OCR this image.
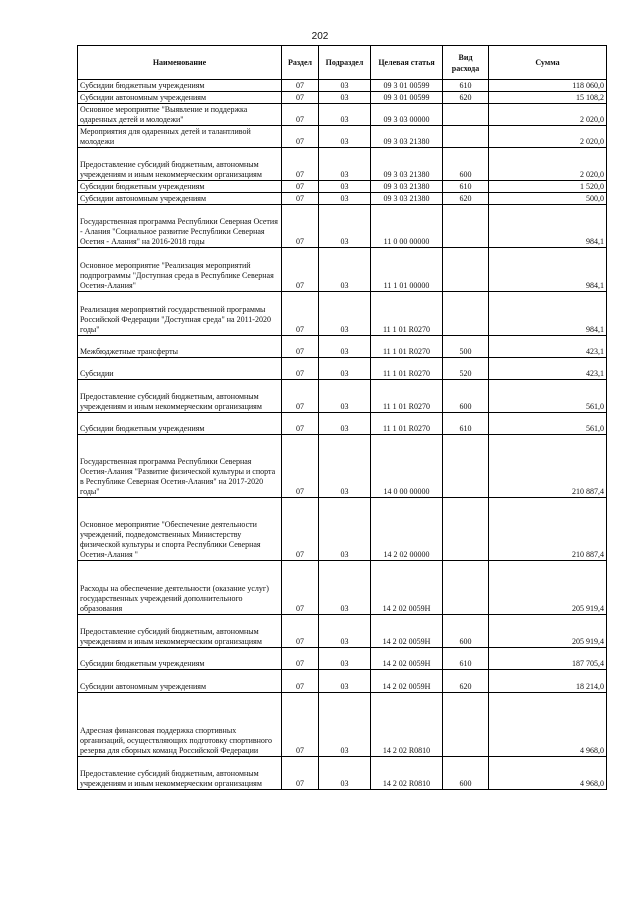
202
Наименование	Раздел	Подраздел	Целевая статья	Вид расхода	Сумма
Субсидии бюджетным учреждениям	07	03	09 3 01 00599	610	118 060,0
Субсидии автономным учреждениям	07	03	09 3 01 00599	620	15 108,2
Основное мероприятие "Выявление и поддержка одаренных детей и молодежи"	07	03	09 3 03 00000		2 020,0
Мероприятия для одаренных детей и талантливой молодежи	07	03	09 3 03 21380		2 020,0
Предоставление субсидий бюджетным, автономным учреждениям и иным некоммерческим организациям	07	03	09 3 03 21380	600	2 020,0
Субсидии бюджетным учреждениям	07	03	09 3 03 21380	610	1 520,0
Субсидии автономным учреждениям	07	03	09 3 03 21380	620	500,0
Государственная программа Республики Северная Осетия - Алания "Социальное развитие Республики Северная Осетия - Алания" на 2016-2018 годы	07	03	11 0 00 00000		984,1
Основное мероприятие "Реализация мероприятий подпрограммы "Доступная среда в Республике Северная Осетия-Алания"	07	03	11 1 01 00000		984,1
Реализация мероприятий государственной программы Российской Федерации "Доступная среда" на 2011-2020 годы"	07	03	11 1 01 R0270		984,1
Межбюджетные трансферты	07	03	11 1 01 R0270	500	423,1
Субсидии	07	03	11 1 01 R0270	520	423,1
Предоставление субсидий бюджетным, автономным учреждениям и иным некоммерческим организациям	07	03	11 1 01 R0270	600	561,0
Субсидии бюджетным учреждениям	07	03	11 1 01 R0270	610	561,0
Государственная программа Республики Северная Осетия-Алания "Развитие физической культуры и спорта в Республике Северная Осетия-Алания" на 2017-2020 годы"	07	03	14 0 00 00000		210 887,4
Основное мероприятие "Обеспечение деятельности учреждений, подведомственных Министерству физической культуры и спорта Республики Северная Осетия-Алания "	07	03	14 2 02 00000		210 887,4
Расходы на обеспечение деятельности (оказание услуг) государственных учреждений дополнительного образования	07	03	14 2 02 0059Н		205 919,4
Предоставление субсидий бюджетным, автономным учреждениям и иным некоммерческим организациям	07	03	14 2 02 0059Н	600	205 919,4
Субсидии бюджетным учреждениям	07	03	14 2 02 0059Н	610	187 705,4
Субсидии автономным учреждениям	07	03	14 2 02 0059Н	620	18 214,0
Адресная финансовая поддержка спортивных организаций, осуществляющих подготовку спортивного резерва для сборных команд Российской Федерации	07	03	14 2 02 R0810		4 968,0
Предоставление субсидий бюджетным, автономным учреждениям и иным некоммерческим организациям	07	03	14 2 02 R0810	600	4 968,0
